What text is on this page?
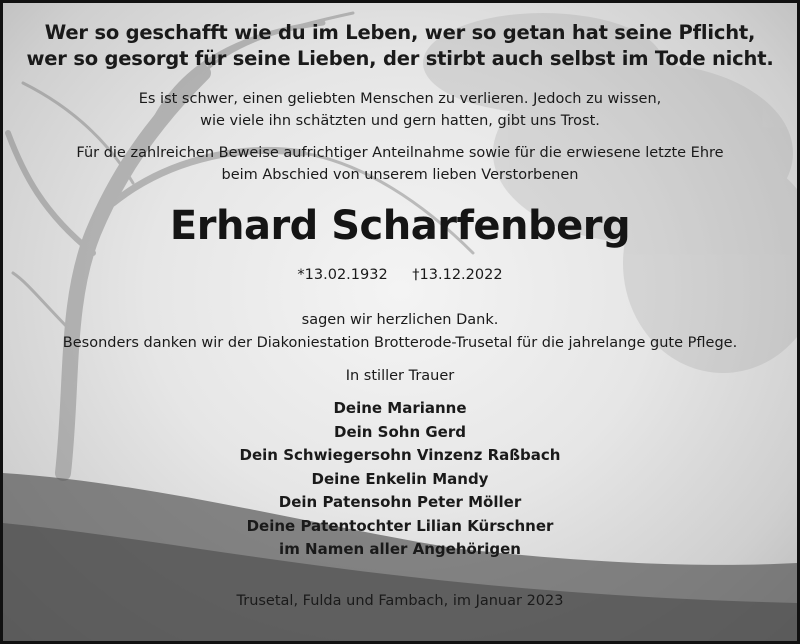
Wer so geschafft wie du im Leben, wer so getan hat seine Pflicht,
wer so gesorgt für seine Lieben, der stirbt auch selbst im Tode nicht.
Es ist schwer, einen geliebten Menschen zu verlieren. Jedoch zu wissen,
wie viele ihn schätzten und gern hatten, gibt uns Trost.
Für die zahlreichen Beweise aufrichtiger Anteilnahme sowie für die erwiesene letzte Ehre
beim Abschied von unserem lieben Verstorbenen
Erhard Scharfenberg
*13.02.1932 †13.12.2022
sagen wir herzlichen Dank.
Besonders danken wir der Diakoniestation Brotterode-Trusetal für die jahrelange gute Pflege.
In stiller Trauer
Deine Marianne
Dein Sohn Gerd
Dein Schwiegersohn Vinzenz Raßbach
Deine Enkelin Mandy
Dein Patensohn Peter Möller
Deine Patentochter Lilian Kürschner
im Namen aller Angehörigen
Trusetal, Fulda und Fambach, im Januar 2023
